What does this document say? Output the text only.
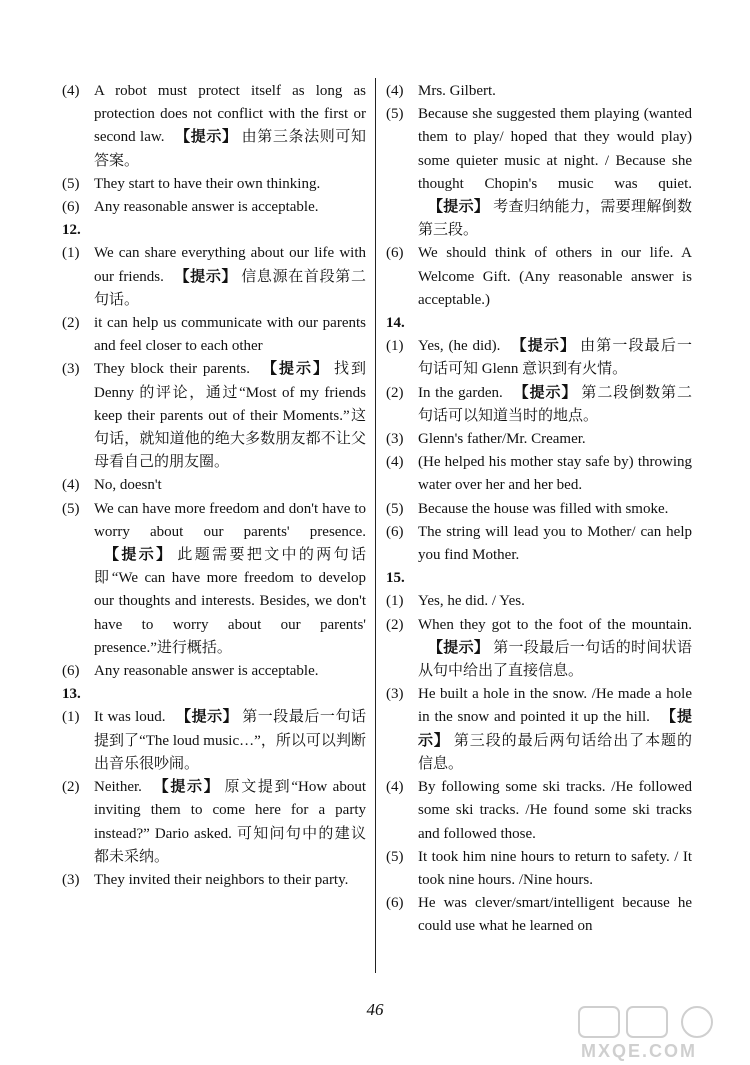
(4) A robot must protect itself as long as protection does not conflict with the first or second law. 【提示】 由第三条法则可知答案。
(5) They start to have their own thinking.
(6) Any reasonable answer is acceptable.
12.
(1) We can share everything about our life with our friends. 【提示】 信息源在首段第二句话。
(2) it can help us communicate with our parents and feel closer to each other
(3) They block their parents. 【提示】 找到 Denny 的评论，通过“Most of my friends keep their parents out of their Moments.”这句话，就知道他的绝大多数朋友都不让父母看自己的朋友圈。
(4) No, doesn't
(5) We can have more freedom and don't have to worry about our parents' presence.【提示】 此题需要把文中的两句话即“We can have more freedom to develop our thoughts and interests. Besides, we don't have to worry about our parents' presence.”进行概括。
(6) Any reasonable answer is acceptable.
13.
(1) It was loud. 【提示】 第一段最后一句话提到了“The loud music…”，所以可以判断出音乐很吵闹。
(2) Neither. 【提示】 原文提到“How about inviting them to come here for a party instead?” Dario asked. 可知问句中的建议都未采纳。
(3) They invited their neighbors to their party.
(4) Mrs. Gilbert.
(5) Because she suggested them playing (wanted them to play/ hoped that they would play) some quieter music at night. / Because she thought Chopin's music was quiet.【提示】 考查归纳能力，需要理解倒数第三段。
(6) We should think of others in our life. A Welcome Gift. (Any reasonable answer is acceptable.)
14.
(1) Yes, (he did). 【提示】 由第一段最后一句话可知 Glenn 意识到有火情。
(2) In the garden. 【提示】 第二段倒数第二句话可以知道当时的地点。
(3) Glenn's father/Mr. Creamer.
(4) (He helped his mother stay safe by) throwing water over her and her bed.
(5) Because the house was filled with smoke.
(6) The string will lead you to Mother/ can help you find Mother.
15.
(1) Yes, he did. / Yes.
(2) When they got to the foot of the mountain.【提示】 第一段最后一句话的时间状语从句中给出了直接信息。
(3) He built a hole in the snow. /He made a hole in the snow and pointed it up the hill. 【提示】 第三段的最后两句话给出了本题的信息。
(4) By following some ski tracks. /He followed some ski tracks. /He found some ski tracks and followed those.
(5) It took him nine hours to return to safety. / It took nine hours. /Nine hours.
(6) He was clever/smart/intelligent because he could use what he learned on
46
MXQE.COM
